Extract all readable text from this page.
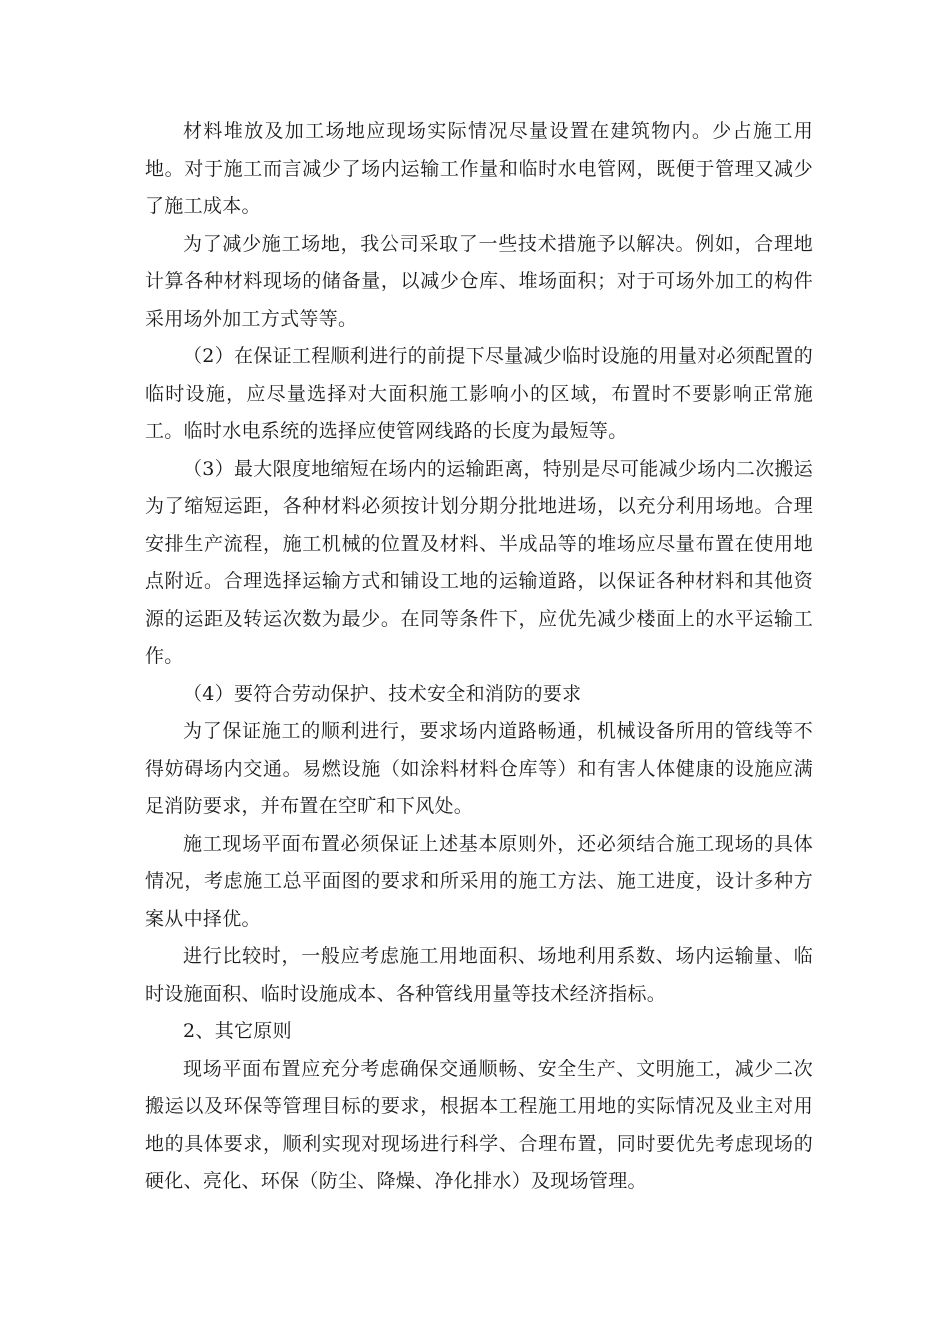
材料堆放及加工场地应现场实际情况尽量设置在建筑物内。少占施工用地。对于施工而言减少了场内运输工作量和临时水电管网，既便于管理又减少了施工成本。

为了减少施工场地，我公司采取了一些技术措施予以解决。例如，合理地计算各种材料现场的储备量，以减少仓库、堆场面积；对于可场外加工的构件采用场外加工方式等等。

（2）在保证工程顺利进行的前提下尽量减少临时设施的用量对必须配置的临时设施，应尽量选择对大面积施工影响小的区域，布置时不要影响正常施工。临时水电系统的选择应使管网线路的长度为最短等。

（3）最大限度地缩短在场内的运输距离，特别是尽可能减少场内二次搬运为了缩短运距，各种材料必须按计划分期分批地进场，以充分利用场地。合理安排生产流程，施工机械的位置及材料、半成品等的堆场应尽量布置在使用地点附近。合理选择运输方式和铺设工地的运输道路，以保证各种材料和其他资源的运距及转运次数为最少。在同等条件下，应优先减少楼面上的水平运输工作。

（4）要符合劳动保护、技术安全和消防的要求

为了保证施工的顺利进行，要求场内道路畅通，机械设备所用的管线等不得妨碍场内交通。易燃设施（如涂料材料仓库等）和有害人体健康的设施应满足消防要求，并布置在空旷和下风处。

施工现场平面布置必须保证上述基本原则外，还必须结合施工现场的具体情况，考虑施工总平面图的要求和所采用的施工方法、施工进度，设计多种方案从中择优。

进行比较时，一般应考虑施工用地面积、场地利用系数、场内运输量、临时设施面积、临时设施成本、各种管线用量等技术经济指标。

2、其它原则

现场平面布置应充分考虑确保交通顺畅、安全生产、文明施工，减少二次搬运以及环保等管理目标的要求，根据本工程施工用地的实际情况及业主对用地的具体要求，顺利实现对现场进行科学、合理布置，同时要优先考虑现场的硬化、亮化、环保（防尘、降燥、净化排水）及现场管理。
